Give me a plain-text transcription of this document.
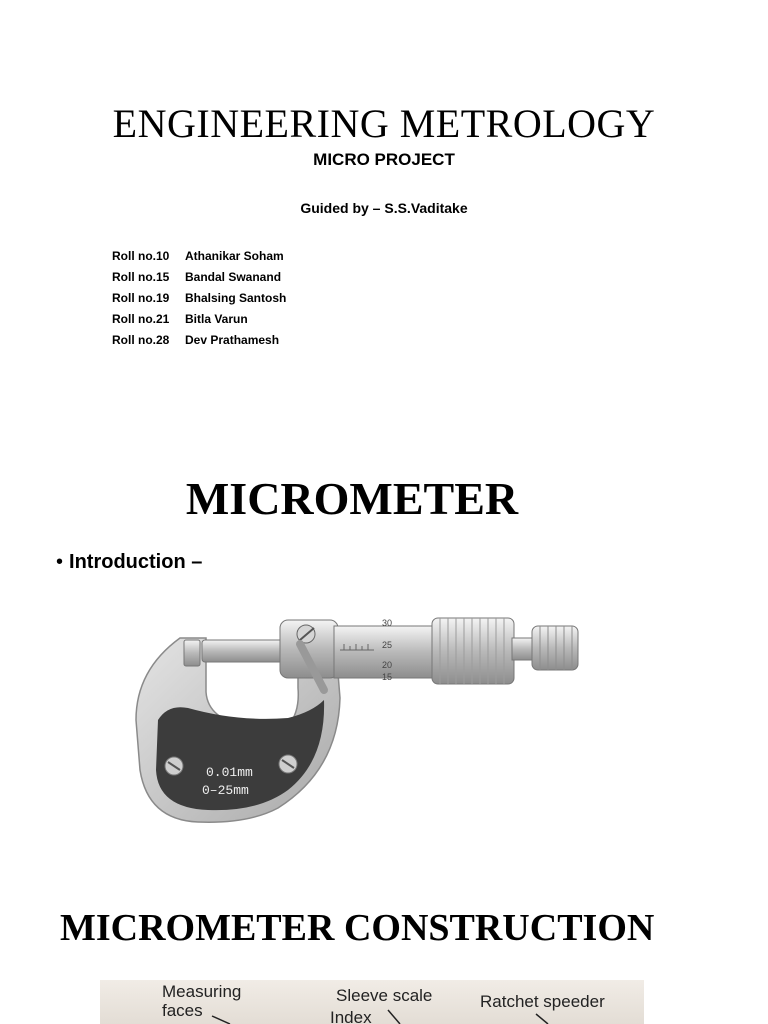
ENGINEERING METROLOGY
MICRO PROJECT
Guided by – S.S.Vaditake
Roll no.10	Athanikar Soham
Roll no.15	Bandal Swanand
Roll no.19	Bhalsing Santosh
Roll no.21	Bitla Varun
Roll no.28	Dev Prathamesh
MICROMETER
• Introduction –
30
25
20
15
0.01mm
0–25mm
MICROMETER CONSTRUCTION
Measuring
faces
Sleeve scale
Index
Ratchet speeder
